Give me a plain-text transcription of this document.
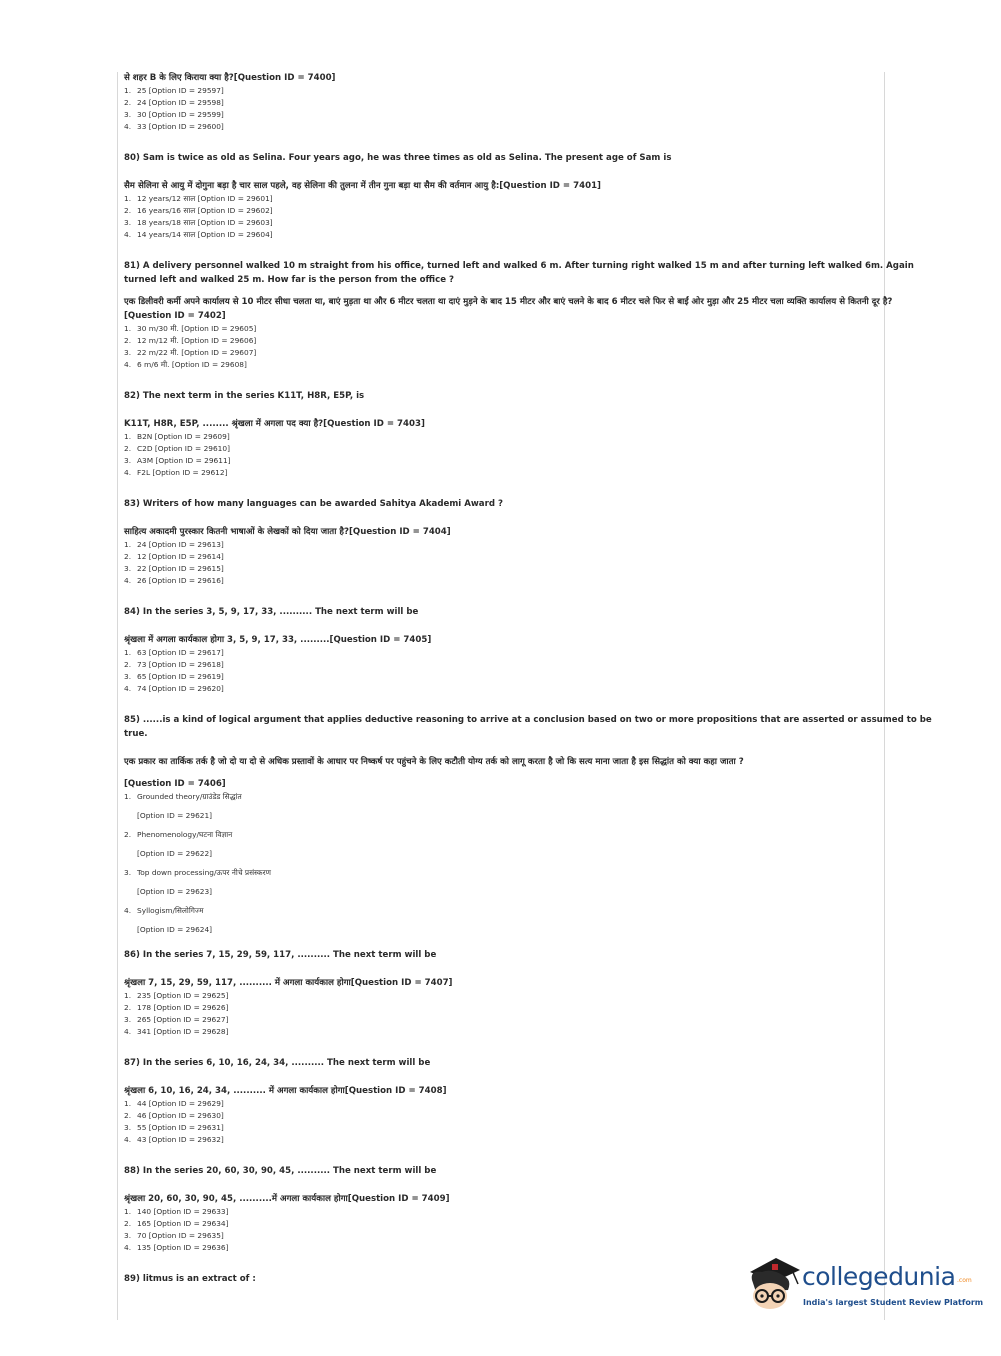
से शहर B के लिए किराया क्या है?[Question ID = 7400]

1. 25 [Option ID = 29597]
2. 24 [Option ID = 29598]
3. 30 [Option ID = 29599]
4. 33 [Option ID = 29600]

80) Sam is twice as old as Selina. Four years ago, he was three times as old as Selina. The present age of Sam is

सैम सेलिना से आयु में दोगुना बड़ा है चार साल पहले, वह सेलिना की तुलना में तीन गुना बड़ा था सैम की वर्तमान आयु है:[Question ID = 7401]

1. 12 years/12 साल [Option ID = 29601]
2. 16 years/16 साल [Option ID = 29602]
3. 18 years/18 साल [Option ID = 29603]
4. 14 years/14 साल [Option ID = 29604]

81) A delivery personnel walked 10 m straight from his office, turned left and walked 6 m. After turning right walked 15 m and after turning left walked 6m. Again turned left and walked 25 m. How far is the person from the office ?

एक डिलीवरी कर्मी अपने कार्यालय से 10 मीटर सीधा चलता था, बाएं मुड़ता था और 6 मीटर चलता था दाएं मुड़ने के बाद 15 मीटर और बाएं चलने के बाद 6 मीटर चले फिर से बाईं ओर मुड़ा और 25 मीटर चला व्यक्ति कार्यालय से कितनी दूर है?[Question ID = 7402]

1. 30 m/30 मी. [Option ID = 29605]
2. 12 m/12 मी. [Option ID = 29606]
3. 22 m/22 मी. [Option ID = 29607]
4. 6 m/6 मी. [Option ID = 29608]

82) The next term in the series K11T, H8R, E5P, is

K11T, H8R, E5P, ........ श्रृंखला में अगला पद क्या है?[Question ID = 7403]

1. B2N [Option ID = 29609]
2. C2D [Option ID = 29610]
3. A3M [Option ID = 29611]
4. F2L [Option ID = 29612]

83) Writers of how many languages can be awarded Sahitya Akademi Award ?

साहित्य अकादमी पुरस्कार कितनी भाषाओं के लेखकों को दिया जाता है?[Question ID = 7404]

1. 24 [Option ID = 29613]
2. 12 [Option ID = 29614]
3. 22 [Option ID = 29615]
4. 26 [Option ID = 29616]

84) In the series 3, 5, 9, 17, 33, .......... The next term will be

श्रृंखला में अगला कार्यकाल होगा 3, 5, 9, 17, 33, .........[Question ID = 7405]

1. 63 [Option ID = 29617]
2. 73 [Option ID = 29618]
3. 65 [Option ID = 29619]
4. 74 [Option ID = 29620]

85) ......is a kind of logical argument that applies deductive reasoning to arrive at a conclusion based on two or more propositions that are asserted or assumed to be true.

एक प्रकार का तार्किक तर्क है जो दो या दो से अधिक प्रस्तावों के आधार पर निष्कर्ष पर पहुंचने के लिए कटौती योग्य तर्क को लागू करता है जो कि सत्य माना जाता है इस सिद्धांत को क्या कहा जाता ?

[Question ID = 7406]
1. Grounded theory/ग्राउंडेड सिद्धांत
[Option ID = 29621]
2. Phenomenology/घटना विज्ञान
[Option ID = 29622]
3. Top down processing/ऊपर नीचे प्रसंस्करण
[Option ID = 29623]
4. Syllogism/सिलोगिज्म
[Option ID = 29624]

86) In the series 7, 15, 29, 59, 117, .......... The next term will be

श्रृंखला 7, 15, 29, 59, 117, .......... में अगला कार्यकाल होगा[Question ID = 7407]

1. 235 [Option ID = 29625]
2. 178 [Option ID = 29626]
3. 265 [Option ID = 29627]
4. 341 [Option ID = 29628]

87) In the series 6, 10, 16, 24, 34, .......... The next term will be

श्रृंखला 6, 10, 16, 24, 34, .......... में अगला कार्यकाल होगा[Question ID = 7408]

1. 44 [Option ID = 29629]
2. 46 [Option ID = 29630]
3. 55 [Option ID = 29631]
4. 43 [Option ID = 29632]

88) In the series 20, 60, 30, 90, 45, .......... The next term will be

श्रृंखला 20, 60, 30, 90, 45, ..........में अगला कार्यकाल होगा[Question ID = 7409]

1. 140 [Option ID = 29633]
2. 165 [Option ID = 29634]
3. 70 [Option ID = 29635]
4. 135 [Option ID = 29636]

89) litmus is an extract of :	collegedunia .com
India's largest Student Review Platform
